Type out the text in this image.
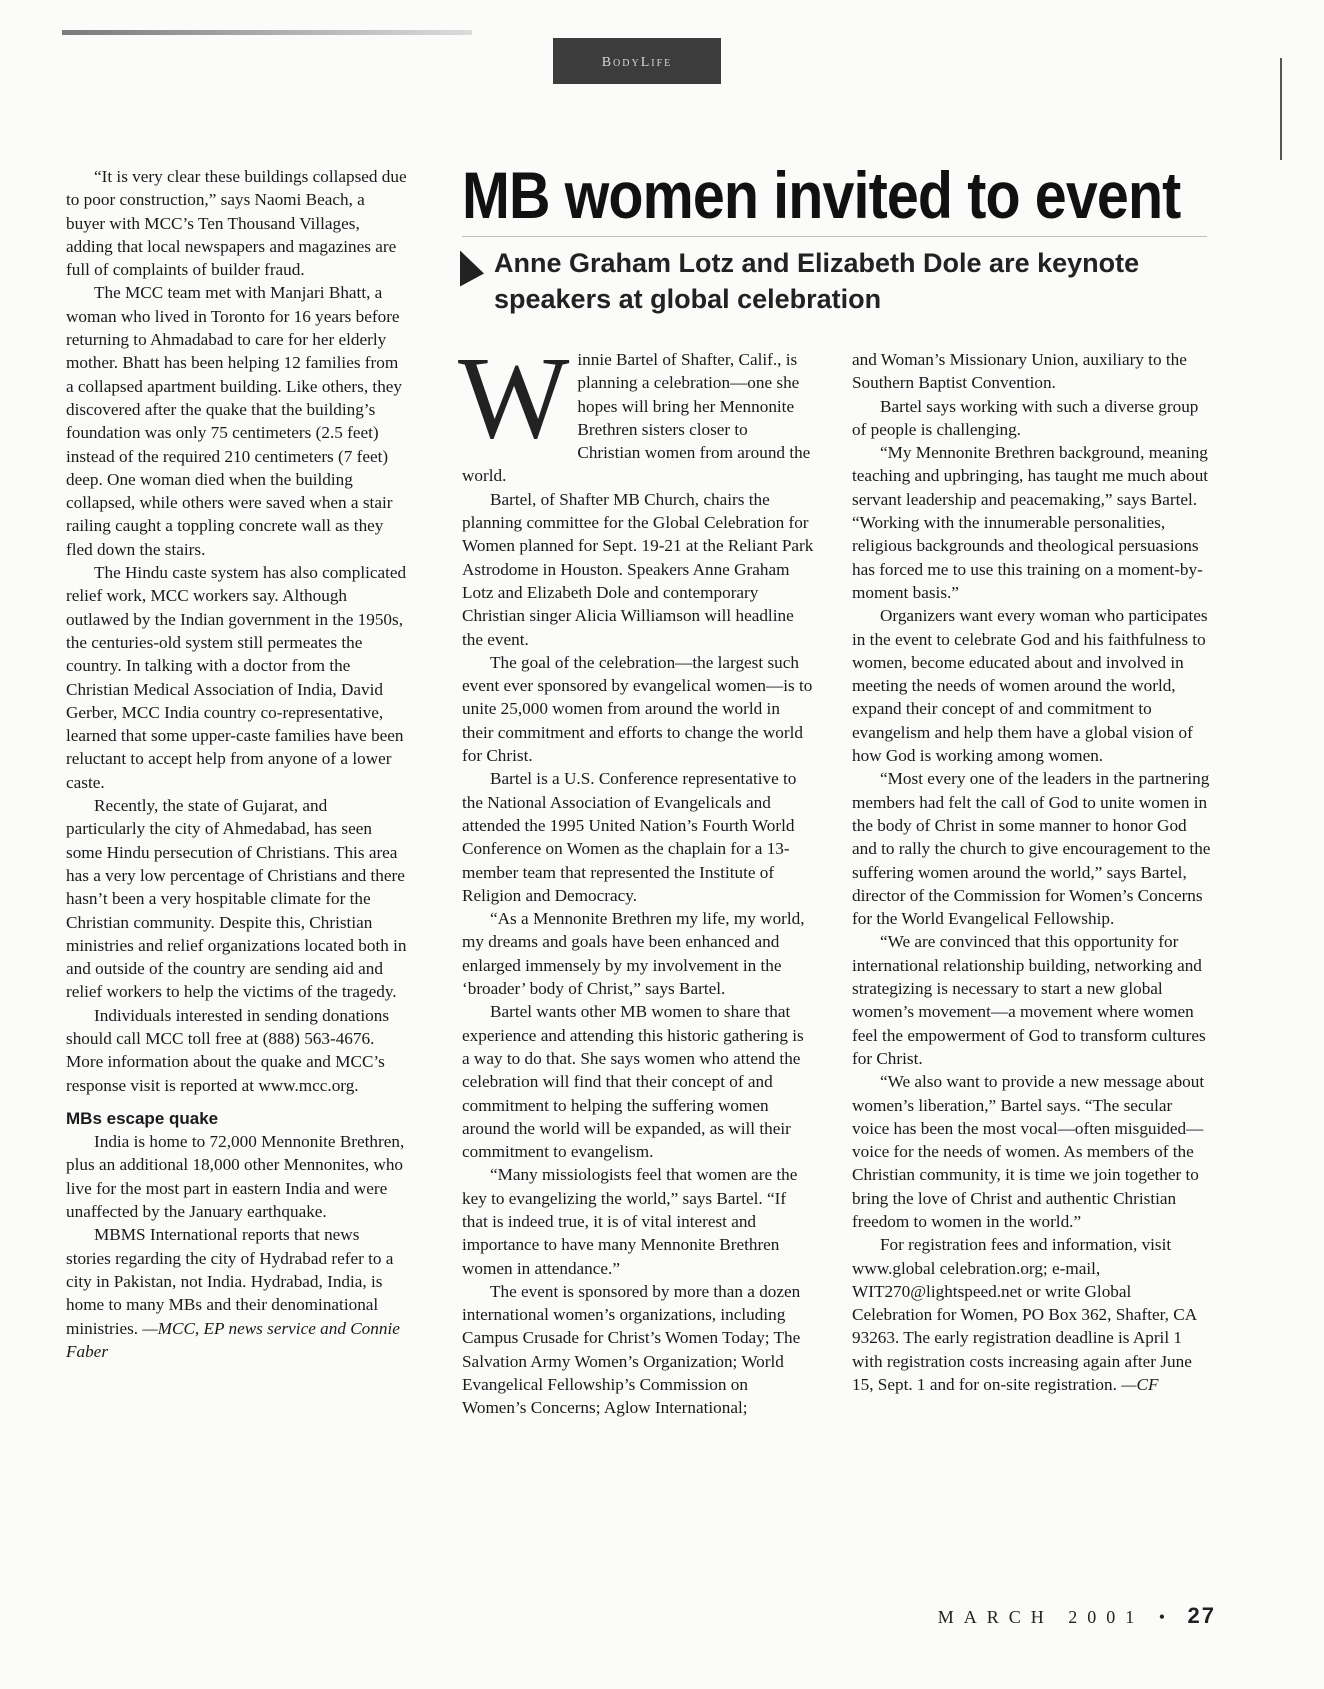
BodyLife

“It is very clear these buildings collapsed due to poor construction,” says Naomi Beach, a buyer with MCC’s Ten Thousand Villages, adding that local newspapers and magazines are full of complaints of builder fraud.

The MCC team met with Manjari Bhatt, a woman who lived in Toronto for 16 years before returning to Ahmadabad to care for her elderly mother. Bhatt has been helping 12 families from a collapsed apartment building. Like others, they discovered after the quake that the building’s foundation was only 75 centimeters (2.5 feet) instead of the required 210 centimeters (7 feet) deep. One woman died when the building collapsed, while others were saved when a stair railing caught a toppling concrete wall as they fled down the stairs.

The Hindu caste system has also complicated relief work, MCC workers say. Although outlawed by the Indian government in the 1950s, the centuries-old system still permeates the country. In talking with a doctor from the Christian Medical Association of India, David Gerber, MCC India country co-representative, learned that some upper-caste families have been reluctant to accept help from anyone of a lower caste.

Recently, the state of Gujarat, and particularly the city of Ahmedabad, has seen some Hindu persecution of Christians. This area has a very low percentage of Christians and there hasn’t been a very hospitable climate for the Christian community. Despite this, Christian ministries and relief organizations located both in and outside of the country are sending aid and relief workers to help the victims of the tragedy.

Individuals interested in sending donations should call MCC toll free at (888) 563-4676. More information about the quake and MCC’s response visit is reported at www.mcc.org.

MBs escape quake

India is home to 72,000 Mennonite Brethren, plus an additional 18,000 other Mennonites, who live for the most part in eastern India and were unaffected by the January earthquake.

MBMS International reports that news stories regarding the city of Hydrabad refer to a city in Pakistan, not India. Hydrabad, India, is home to many MBs and their denominational ministries. —MCC, EP news service and Connie Faber

MB women invited to event
Anne Graham Lotz and Elizabeth Dole are keynote speakers at global celebration

Winnie Bartel of Shafter, Calif., is planning a celebration—one she hopes will bring her Mennonite Brethren sisters closer to Christian women from around the world.

Bartel, of Shafter MB Church, chairs the planning committee for the Global Celebration for Women planned for Sept. 19-21 at the Reliant Park Astrodome in Houston. Speakers Anne Graham Lotz and Elizabeth Dole and contemporary Christian singer Alicia Williamson will headline the event.

The goal of the celebration—the largest such event ever sponsored by evangelical women—is to unite 25,000 women from around the world in their commitment and efforts to change the world for Christ.

Bartel is a U.S. Conference representative to the National Association of Evangelicals and attended the 1995 United Nation’s Fourth World Conference on Women as the chaplain for a 13-member team that represented the Institute of Religion and Democracy.

“As a Mennonite Brethren my life, my world, my dreams and goals have been enhanced and enlarged immensely by my involvement in the ‘broader’ body of Christ,” says Bartel.

Bartel wants other MB women to share that experience and attending this historic gathering is a way to do that. She says women who attend the celebration will find that their concept of and commitment to helping the suffering women around the world will be expanded, as will their commitment to evangelism.

“Many missiologists feel that women are the key to evangelizing the world,” says Bartel. “If that is indeed true, it is of vital interest and importance to have many Mennonite Brethren women in attendance.”

The event is sponsored by more than a dozen international women’s organizations, including Campus Crusade for Christ’s Women Today; The Salvation Army Women’s Organization; World Evangelical Fellowship’s Commission on Women’s Concerns; Aglow International;

and Woman’s Missionary Union, auxiliary to the Southern Baptist Convention.

Bartel says working with such a diverse group of people is challenging.

“My Mennonite Brethren background, meaning teaching and upbringing, has taught me much about servant leadership and peacemaking,” says Bartel. “Working with the innumerable personalities, religious backgrounds and theological persuasions has forced me to use this training on a moment-by-moment basis.”

Organizers want every woman who participates in the event to celebrate God and his faithfulness to women, become educated about and involved in meeting the needs of women around the world, expand their concept of and commitment to evangelism and help them have a global vision of how God is working among women.

“Most every one of the leaders in the partnering members had felt the call of God to unite women in the body of Christ in some manner to honor God and to rally the church to give encouragement to the suffering women around the world,” says Bartel, director of the Commission for Women’s Concerns for the World Evangelical Fellowship.

“We are convinced that this opportunity for international relationship building, networking and strategizing is necessary to start a new global women’s movement—a movement where women feel the empowerment of God to transform cultures for Christ.

“We also want to provide a new message about women’s liberation,” Bartel says. “The secular voice has been the most vocal—often misguided—voice for the needs of women. As members of the Christian community, it is time we join together to bring the love of Christ and authentic Christian freedom to women in the world.”

For registration fees and information, visit www.global celebration.org; e-mail, WIT270@lightspeed.net or write Global Celebration for Women, PO Box 362, Shafter, CA 93263. The early registration deadline is April 1 with registration costs increasing again after June 15, Sept. 1 and for on-site registration. —CF

MARCH 2001 • 27
